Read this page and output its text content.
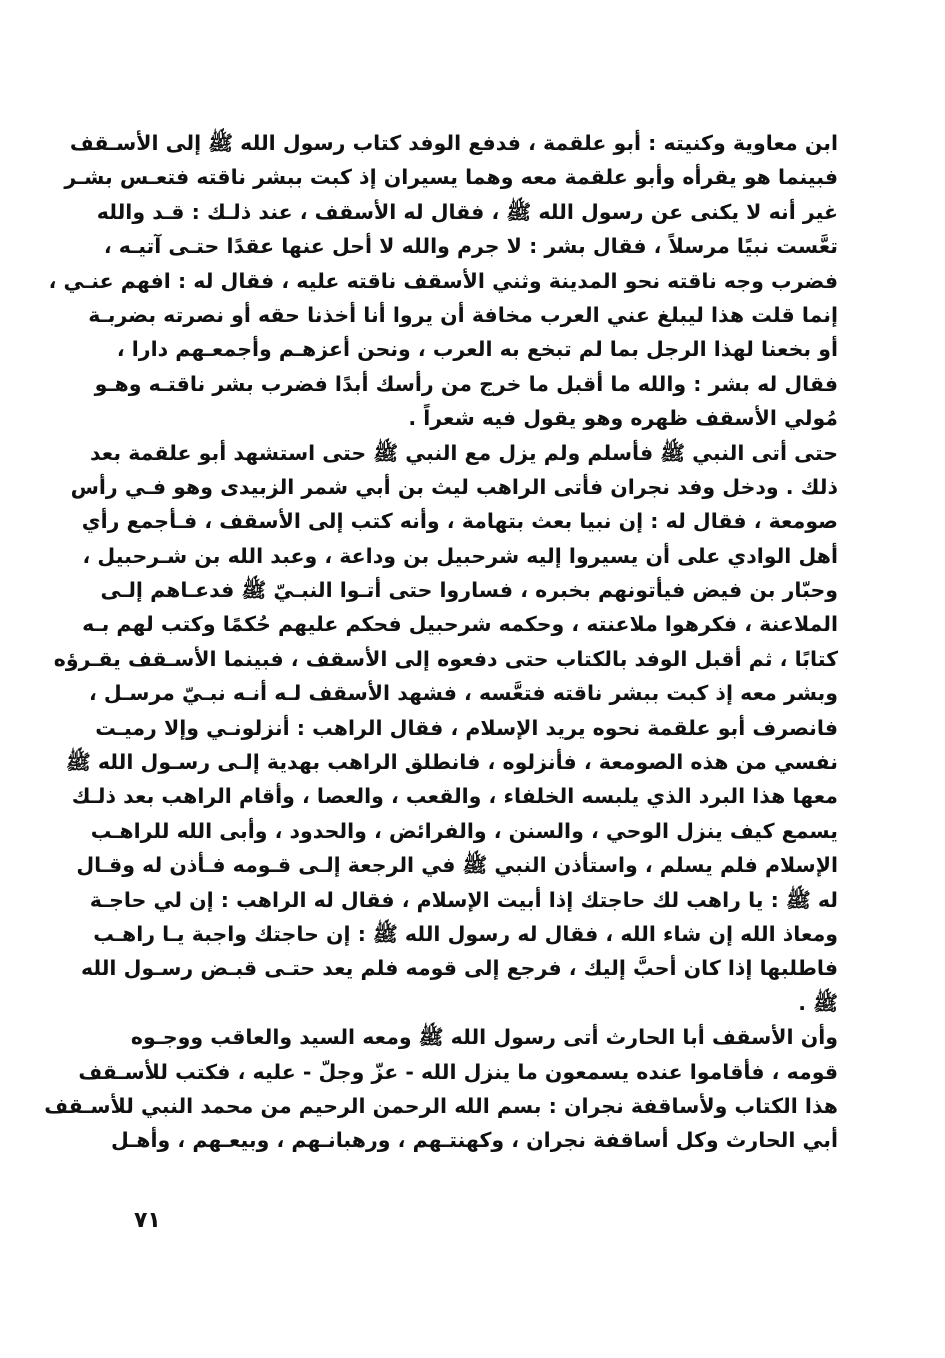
ابن معاوية وكنيته : أبو علقمة ، فدفع الوفد كتاب رسول الله ﷺ إلى الأسـقف
فبينما هو يقرأه وأبو علقمة معه وهما يسيران إذ كبت ببشر ناقته فتعـس بشـر
غير أنه لا يكنى عن رسول الله ﷺ ، فقال له الأسقف ، عند ذلـك : قـد والله
تعَّست نبيًا مرسلاً ، فقال بشر : لا جرم والله لا أحل عنها عقدًا حتـى آتيـه ،
فضرب وجه ناقته نحو المدينة وثني الأسقف ناقته عليه ، فقال له : افهم عنـي ،
إنما قلت هذا ليبلغ عني العرب مخافة أن يروا أنا أخذنا حقه أو نصرته بضربـة
أو بخعنا لهذا الرجل بما لم تبخع به العرب ، ونحن أعزهـم وأجمعـهم دارا ،
فقال له بشر : والله ما أقبل ما خرج من رأسك أبدًا فضرب بشر ناقتـه وهـو
مُولي الأسقف ظهره وهو يقول فيه شعراً .
حتى أتى النبي ﷺ فأسلم ولم يزل مع النبي ﷺ حتى استشهد أبو علقمة بعد
ذلك . ودخل وفد نجران فأتى الراهب ليث بن أبي شمر الزبيدى وهو فـي رأس
صومعة ، فقال له : إن نبيا بعث بتهامة ، وأنه كتب إلى الأسقف ، فـأجمع رأي
أهل الوادي على أن يسيروا إليه شرحبيل بن وداعة ، وعبد الله بن شـرحبيل ،
وحبّار بن فيض فيأتونهم بخبره ، فساروا حتى أتـوا النبـيّ ﷺ فدعـاهم إلـى
الملاعنة ، فكرهوا ملاعنته ، وحكمه شرحبيل فحكم عليهم حُكمًا وكتب لهم بـه
كتابًا ، ثم أقبل الوفد بالكتاب حتى دفعوه إلى الأسقف ، فبينما الأسـقف يقـرؤه
وبشر معه إذ كبت ببشر ناقته فتعَّسه ، فشهد الأسقف لـه أنـه نبـيّ مرسـل ،
فانصرف أبو علقمة نحوه يريد الإسلام ، فقال الراهب : أنزلونـي وإلا رميـت
نفسي من هذه الصومعة ، فأنزلوه ، فانطلق الراهب بهدية إلـى رسـول الله ﷺ
معها هذا البرد الذي يلبسه الخلفاء ، والقعب ، والعصا ، وأقام الراهب بعد ذلـك
يسمع كيف ينزل الوحي ، والسنن ، والفرائض ، والحدود ، وأبى الله للراهـب
الإسلام فلم يسلم ، واستأذن النبي ﷺ في الرجعة إلـى قـومه فـأذن له وقـال
له ﷺ : يا راهب لك حاجتك إذا أبيت الإسلام ، فقال له الراهب : إن لي حاجـة
ومعاذ الله إن شاء الله ، فقال له رسول الله ﷺ : إن حاجتك واجبة يـا راهـب
فاطلبها إذا كان أحبَّ إليك ، فرجع إلى قومه فلم يعد حتـى قبـض رسـول الله
ﷺ .
وأن الأسقف أبا الحارث أتى رسول الله ﷺ ومعه السيد والعاقب ووجـوه
قومه ، فأقاموا عنده يسمعون ما ينزل الله - عزّ وجلّ - عليه ، فكتب للأسـقف
هذا الكتاب ولأساقفة نجران : بسم الله الرحمن الرحيم من محمد النبي للأسـقف
أبي الحارث وكل أساقفة نجران ، وكهنتـهم ، ورهبانـهم ، وبيعـهم ، وأهـل
٧١
